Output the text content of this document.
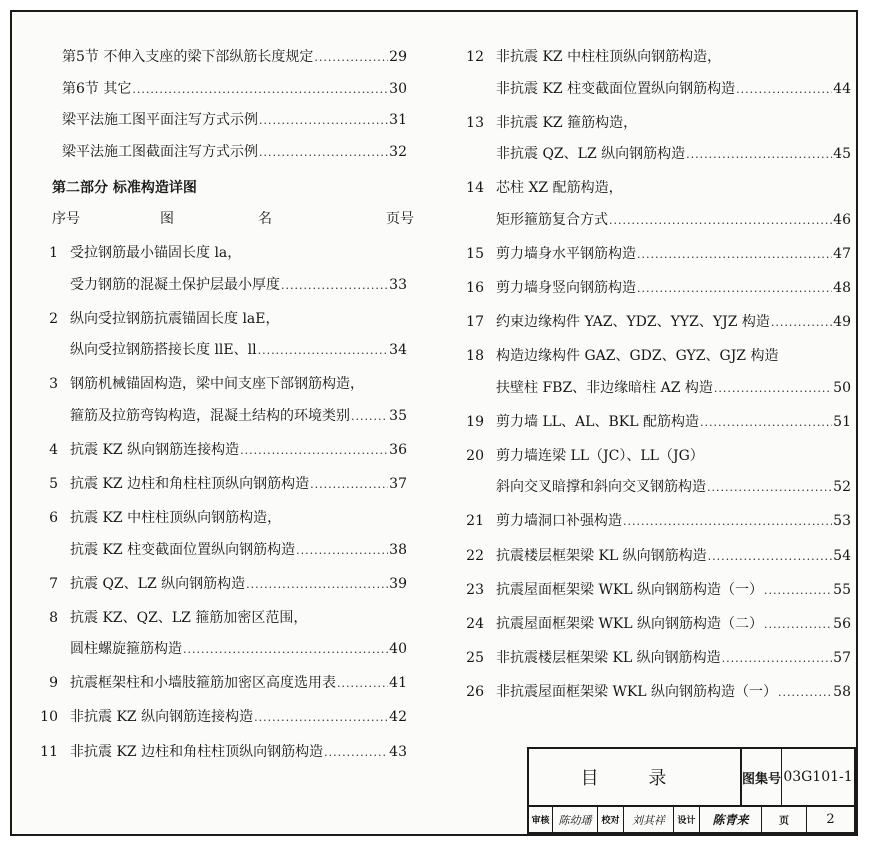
第5节 不伸入支座的梁下部纵筋长度规定 .....	29
第6节 其它 .....	30
梁平法施工图平面注写方式示例 .....	31
梁平法施工图截面注写方式示例 .....	32
第二部分 标准构造详图
序号	图	名	页号
1 受拉钢筋最小锚固长度 la，
受力钢筋的混凝土保护层最小厚度 .....	33
2 纵向受拉钢筋抗震锚固长度 laE，
纵向受拉钢筋搭接长度 llE、ll .....	34
3 钢筋机械锚固构造，梁中间支座下部钢筋构造，
箍筋及拉筋弯钩构造，混凝土结构的环境类别 .....	35
4 抗震 KZ 纵向钢筋连接构造 .....	36
5 抗震 KZ 边柱和角柱柱顶纵向钢筋构造 .....	37
6 抗震 KZ 中柱柱顶纵向钢筋构造，
抗震 KZ 柱变截面位置纵向钢筋构造 .....	38
7 抗震 QZ、LZ 纵向钢筋构造 .....	39
8 抗震 KZ、QZ、LZ 箍筋加密区范围，
圆柱螺旋箍筋构造 .....	40
9 抗震框架柱和小墙肢箍筋加密区高度选用表 .....	41
10 非抗震 KZ 纵向钢筋连接构造 .....	42
11 非抗震 KZ 边柱和角柱柱顶纵向钢筋构造 .....	43
12 非抗震 KZ 中柱柱顶纵向钢筋构造，
非抗震 KZ 柱变截面位置纵向钢筋构造 .....	44
13 非抗震 KZ 箍筋构造，
非抗震 QZ、LZ 纵向钢筋构造 .....	45
14 芯柱 XZ 配筋构造，
矩形箍筋复合方式 .....	46
15 剪力墙身水平钢筋构造 .....	47
16 剪力墙身竖向钢筋构造 .....	48
17 约束边缘构件 YAZ、YDZ、YYZ、YJZ 构造 .....	49
18 构造边缘构件 GAZ、GDZ、GYZ、GJZ 构造
扶壁柱 FBZ、非边缘暗柱 AZ 构造 .....	50
19 剪力墙 LL、AL、BKL 配筋构造 .....	51
20 剪力墙连梁 LL（JC）、LL（JG）
斜向交叉暗撑和斜向交叉钢筋构造 .....	52
21 剪力墙洞口补强构造 .....	53
22 抗震楼层框架梁 KL 纵向钢筋构造 .....	54
23 抗震屋面框架梁 WKL 纵向钢筋构造（一） .....	55
24 抗震屋面框架梁 WKL 纵向钢筋构造（二） .....	56
25 非抗震楼层框架梁 KL 纵向钢筋构造 .....	57
26 非抗震屋面框架梁 WKL 纵向钢筋构造（一） .....	58
目 录	图集号 03G101-1
审核 陈幼璠 校对 刘其祥 设计 陈青来	页	2
